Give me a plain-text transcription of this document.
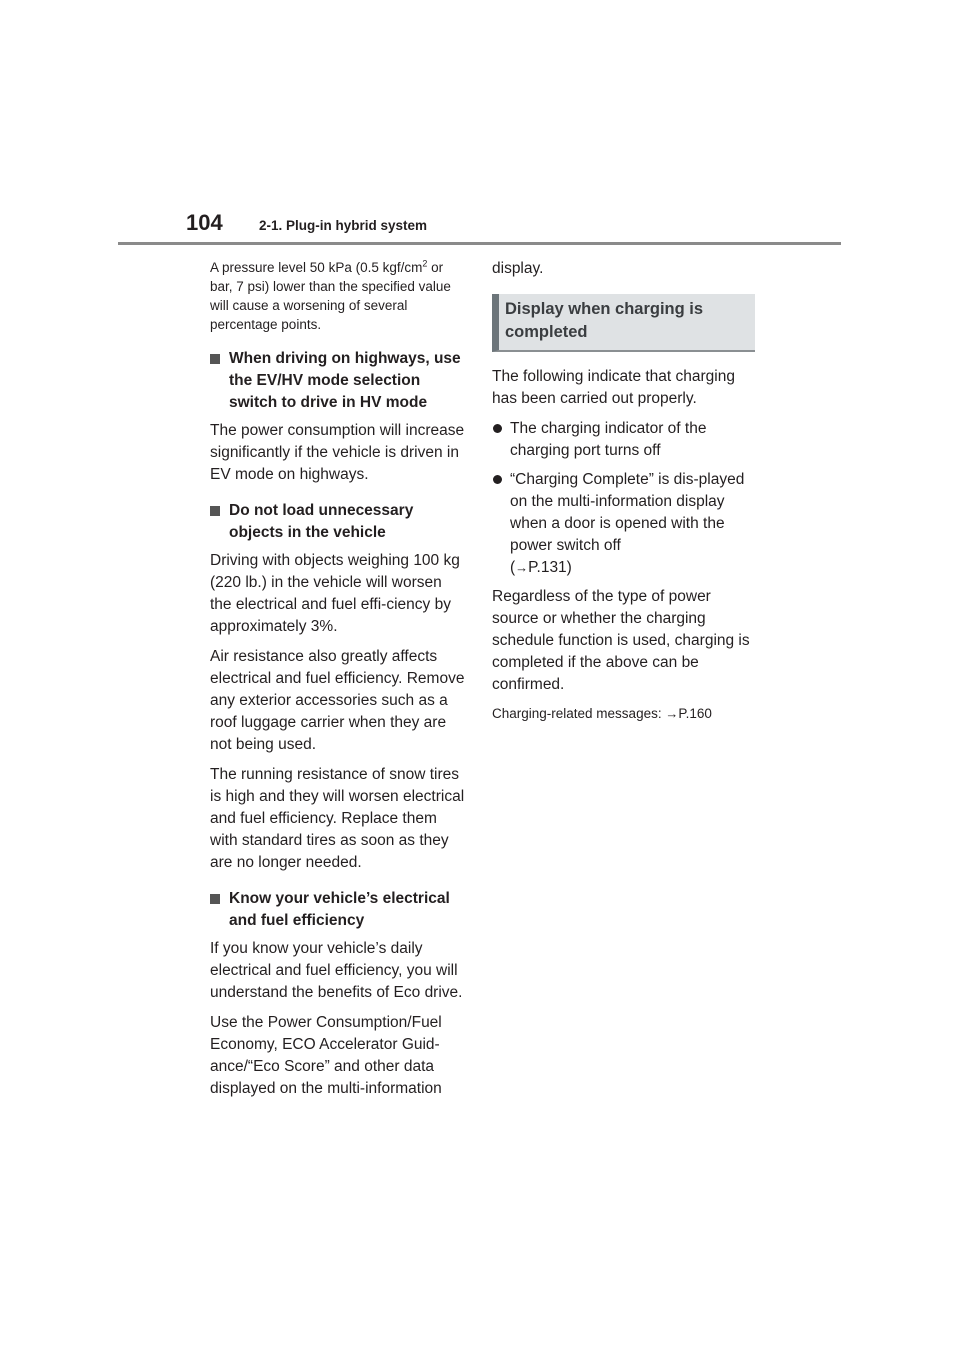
104	2-1. Plug-in hybrid system

A pressure level 50 kPa (0.5 kgf/$cm^2$ or bar, 7 psi) lower than the specified value will cause a worsening of several percentage points.

When driving on highways, use the EV/HV mode selection switch to drive in HV mode

The power consumption will increase significantly if the vehicle is driven in EV mode on highways.

Do not load unnecessary objects in the vehicle

Driving with objects weighing 100 kg (220 lb.) in the vehicle will worsen the electrical and fuel effi-ciency by approximately 3%.

Air resistance also greatly affects electrical and fuel efficiency. Remove any exterior accessories such as a roof luggage carrier when they are not being used.

The running resistance of snow tires is high and they will worsen electrical and fuel efficiency. Replace them with standard tires as soon as they are no longer needed.

Know your vehicle’s electrical and fuel efficiency

If you know your vehicle’s daily electrical and fuel efficiency, you will understand the benefits of Eco drive.

Use the Power Consumption/Fuel Economy, ECO Accelerator Guid-ance/“Eco Score” and other data displayed on the multi-information

display.

Display when charging is completed

The following indicate that charging has been carried out properly.

The charging indicator of the charging port turns off
“Charging Complete” is dis-played on the multi-information display when a door is opened with the power switch off
(→P.131)

Regardless of the type of power source or whether the charging schedule function is used, charging is completed if the above can be confirmed.

Charging-related messages: →P.160
